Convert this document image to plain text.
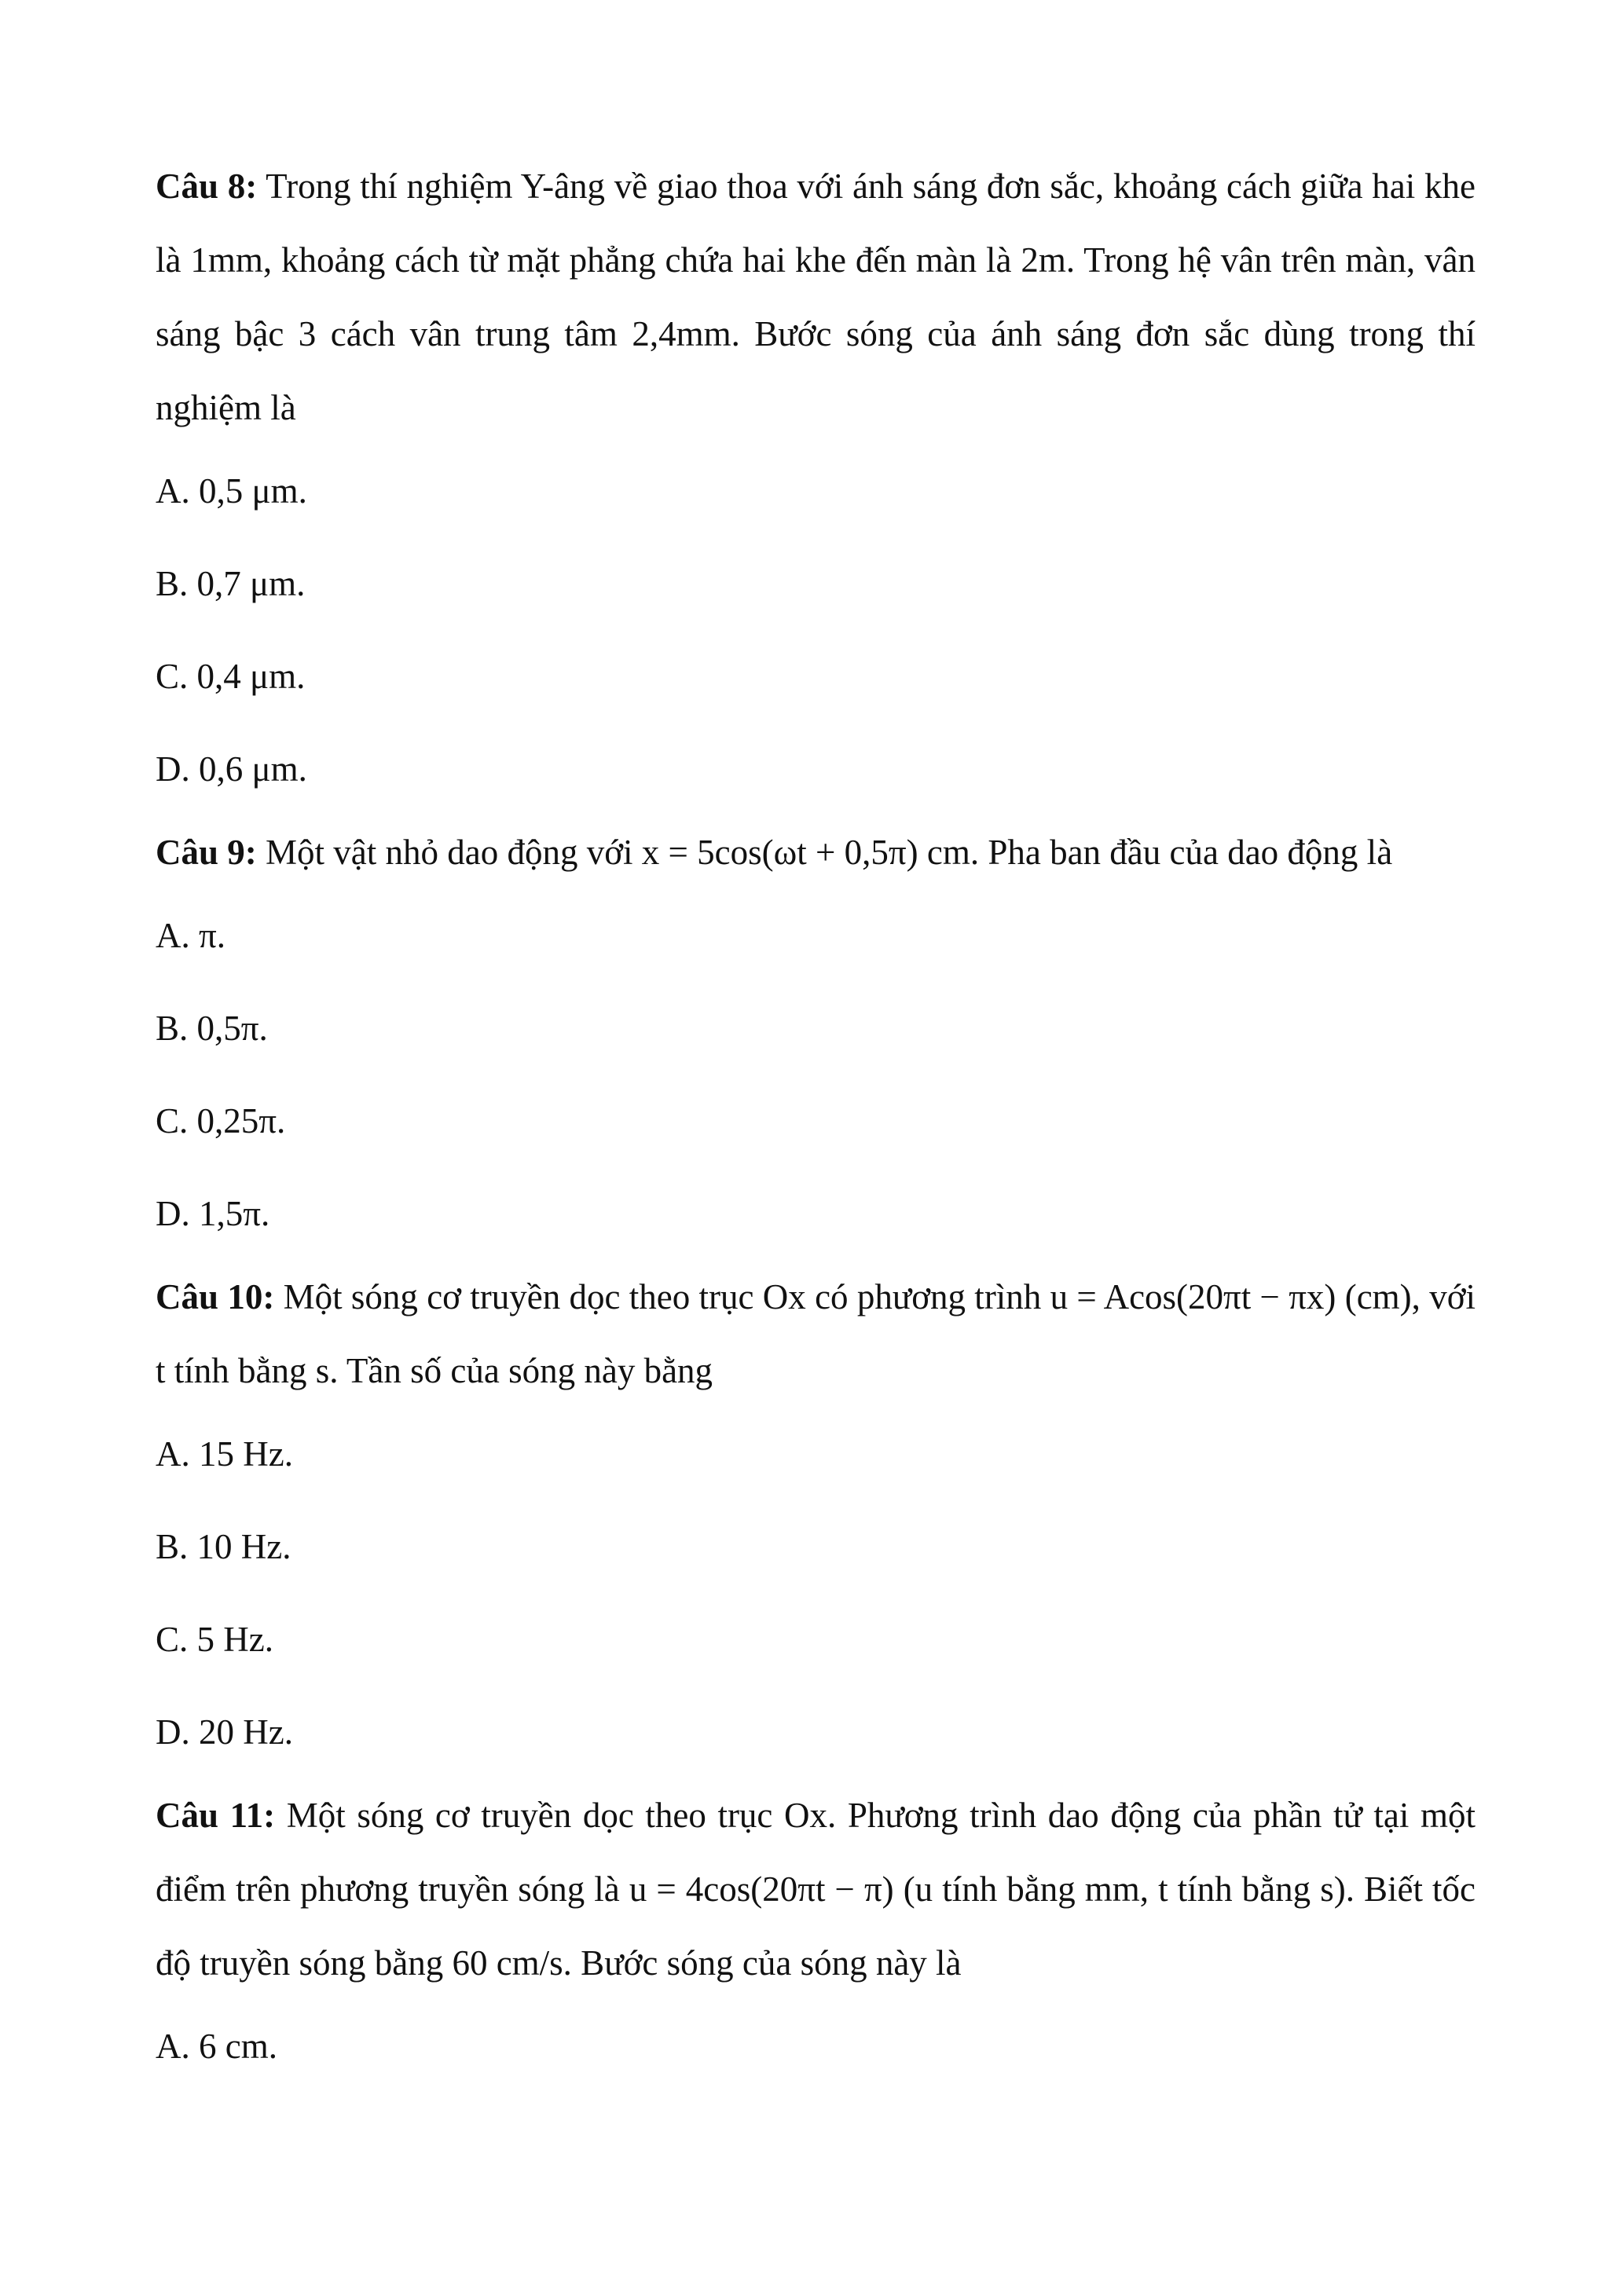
Câu 8: Trong thí nghiệm Y-âng về giao thoa với ánh sáng đơn sắc, khoảng cách giữa hai khe là 1mm, khoảng cách từ mặt phẳng chứa hai khe đến màn là 2m. Trong hệ vân trên màn, vân sáng bậc 3 cách vân trung tâm 2,4mm. Bước sóng của ánh sáng đơn sắc dùng trong thí nghiệm là

A. 0,5 μm.

B. 0,7 μm.

C. 0,4 μm.

D. 0,6 μm.

Câu 9: Một vật nhỏ dao động với x = 5cos(ωt + 0,5π) cm. Pha ban đầu của dao động là

A. π.

B. 0,5π.

C. 0,25π.

D. 1,5π.

Câu 10: Một sóng cơ truyền dọc theo trục Ox có phương trình u = Acos(20πt − πx) (cm), với t tính bằng s. Tần số của sóng này bằng

A. 15 Hz.

B. 10 Hz.

C. 5 Hz.

D. 20 Hz.

Câu 11: Một sóng cơ truyền dọc theo trục Ox. Phương trình dao động của phần tử tại một điểm trên phương truyền sóng là u = 4cos(20πt − π) (u tính bằng mm, t tính bằng s). Biết tốc độ truyền sóng bằng 60 cm/s. Bước sóng của sóng này là

A. 6 cm.
